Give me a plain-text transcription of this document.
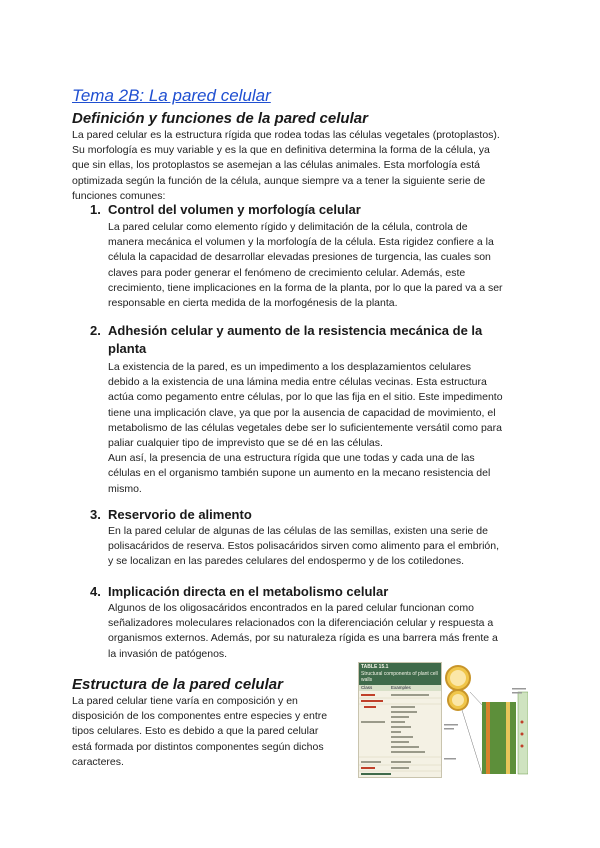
Tema 2B: La pared celular
Definición y funciones de la pared celular

La pared celular es la estructura rígida que rodea todas las células vegetales (protoplastos).
Su morfología es muy variable y es la que en definitiva determina la forma de la célula, ya
que sin ellas, los protoplastos se asemejan a las células animales. Esta morfología está
optimizada según la función de la célula, aunque siempre va a tener la siguiente serie de
funciones comunes:

1. Control del volumen y morfología celular

La pared celular como elemento rígido y delimitación de la célula, controla de
manera mecánica el volumen y la morfología de la célula. Esta rigidez confiere a la
célula la capacidad de desarrollar elevadas presiones de turgencia, las cuales son
claves para poder generar el fenómeno de crecimiento celular. Además, este
crecimiento, tiene implicaciones en la forma de la planta, por lo que la pared va a ser
responsable en cierta medida de la morfogénesis de la planta.

2. Adhesión celular y aumento de la resistencia mecánica de la
planta

La existencia de la pared, es un impedimento a los desplazamientos celulares
debido a la existencia de una lámina media entre células vecinas. Esta estructura
actúa como pegamento entre células, por lo que las fija en el sitio. Este impedimento
tiene una implicación clave, ya que por la ausencia de capacidad de movimiento, el
metabolismo de las células vegetales debe ser lo suficientemente versátil como para
paliar cualquier tipo de imprevisto que se dé en las células.
Aun así, la presencia de una estructura rígida que une todas y cada una de las
células en el organismo también supone un aumento en la mecano resistencia del
mismo.

3. Reservorio de alimento

En la pared celular de algunas de las células de las semillas, existen una serie de
polisacáridos de reserva. Estos polisacáridos sirven como alimento para el embrión,
y se localizan en las paredes celulares del endospermo y de los cotiledones.

4. Implicación directa en el metabolismo celular

Algunos de los oligosacáridos encontrados en la pared celular funcionan como
señalizadores moleculares relacionados con la diferenciación celular y respuesta a
organismos externos. Además, por su naturaleza rígida es una barrera más frente a
la invasión de patógenos.

Estructura de la pared celular

La pared celular tiene varía en composición y en
disposición de los componentes entre especies y entre
tipos celulares. Esto es debido a que la pared celular
está formada por distintos componentes según dichos
caracteres.

TABLE 15.1
Structural components of plant cell walls
Class	Examples
